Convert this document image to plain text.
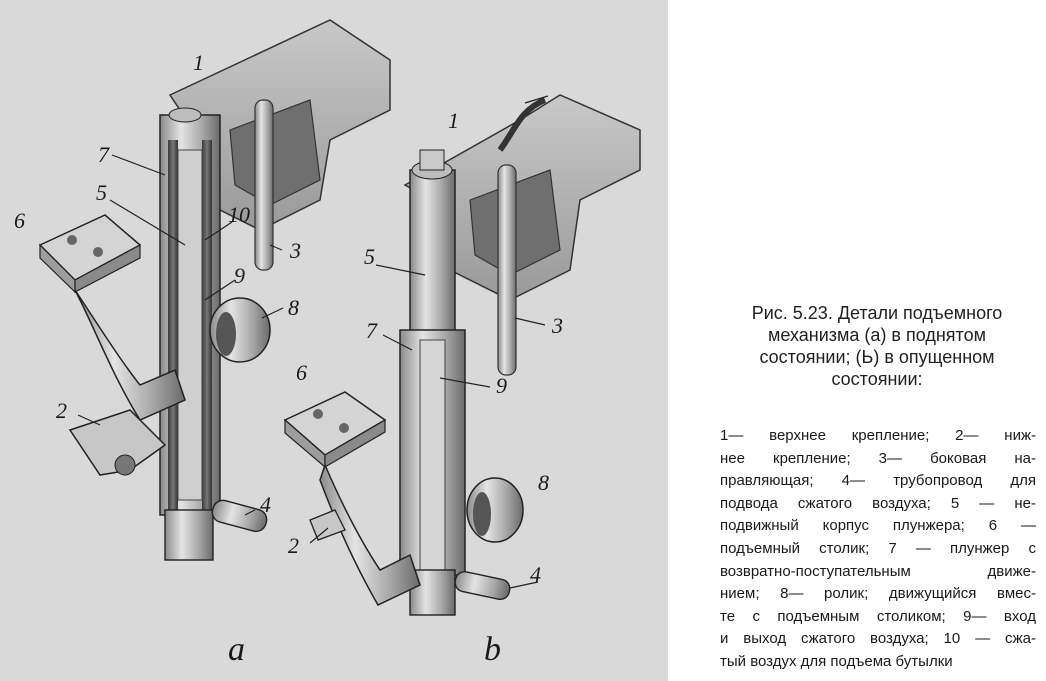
1
7
5
10
6
9
8
3
2
4
1
5
3
7
9
6
8
2
4
a	b
Рис. 5.23. Детали подъемного
механизма (а) в поднятом
состоянии; (Ь) в опущенном
состоянии:
1— верхнее крепление; 2— ниж-
нее крепление; 3— боковая на-
правляющая; 4— трубопровод для
подвода сжатого воздуха; 5 — не-
подвижный корпус плунжера; 6 —
подъемный столик; 7 — плунжер с
возвратно-поступательным движе-
нием; 8— ролик; движущийся вмес-
те с подъемным столиком; 9— вход
и выход сжатого воздуха; 10 — сжа-
тый воздух для подъема бутылки
